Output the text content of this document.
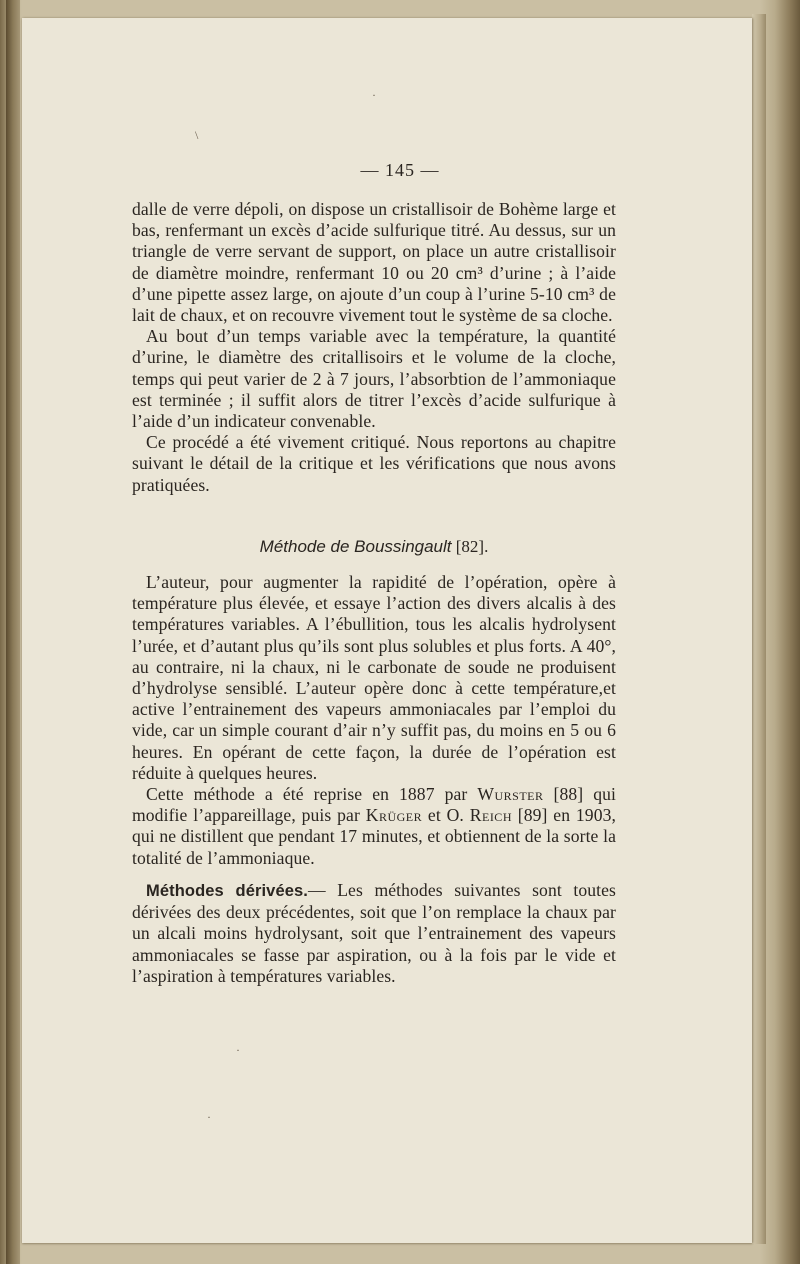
— 145 —

dalle de verre dépoli, on dispose un cristallisoir de Bohème large et bas, renfermant un excès d’acide sulfurique titré. Au dessus, sur un triangle de verre servant de support, on place un autre cristallisoir de diamètre moindre, renfermant 10 ou 20 cm³ d’urine ; à l’aide d’une pipette assez large, on ajoute d’un coup à l’urine 5-10 cm³ de lait de chaux, et on recouvre vivement tout le système de sa cloche.

Au bout d’un temps variable avec la température, la quantité d’urine, le diamètre des critallisoirs et le volume de la cloche, temps qui peut varier de 2 à 7 jours, l’absorbtion de l’ammoniaque est terminée ; il suffit alors de titrer l’excès d’acide sulfurique à l’aide d’un indicateur convenable.

Ce procédé a été vivement critiqué. Nous reportons au chapitre suivant le détail de la critique et les vérifications que nous avons pratiquées.

Méthode de Boussingault [82].

L’auteur, pour augmenter la rapidité de l’opération, opère à température plus élevée, et essaye l’action des divers alcalis à des températures variables. A l’ébullition, tous les alcalis hydrolysent l’urée, et d’autant plus qu’ils sont plus solubles et plus forts. A 40°, au contraire, ni la chaux, ni le carbonate de soude ne produisent d’hydrolyse sensiblé. L’auteur opère donc à cette température,et active l’entrainement des vapeurs ammoniacales par l’emploi du vide, car un simple courant d’air n’y suffit pas, du moins en 5 ou 6 heures. En opérant de cette façon, la durée de l’opération est réduite à quelques heures.

Cette méthode a été reprise en 1887 par Wurster [88] qui modifie l’appareillage, puis par Krüger et O. Reich [89] en 1903, qui ne distillent que pendant 17 minutes, et obtiennent de la sorte la totalité de l’ammoniaque.

Méthodes dérivées.— Les méthodes suivantes sont toutes dérivées des deux précédentes, soit que l’on remplace la chaux par un alcali moins hydrolysant, soit que l’entrainement des vapeurs ammoniacales se fasse par aspiration, ou à la fois par le vide et l’aspiration à températures variables.

\
·
·
·
